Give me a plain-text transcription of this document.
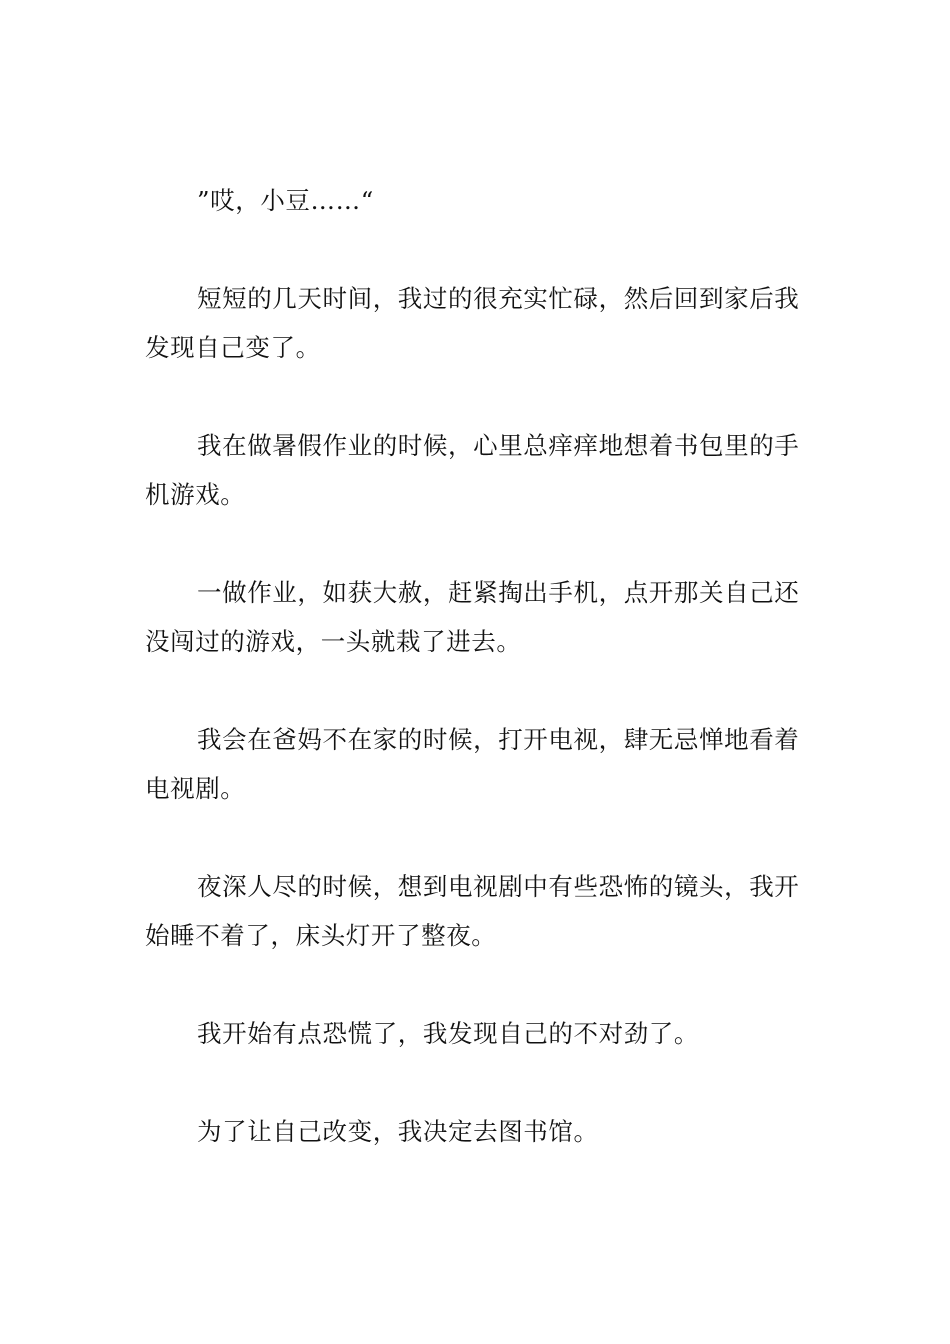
”哎，小豆……“

短短的几天时间，我过的很充实忙碌，然后回到家后我发现自己变了。

我在做暑假作业的时候，心里总痒痒地想着书包里的手机游戏。

一做作业，如获大赦，赶紧掏出手机，点开那关自己还没闯过的游戏，一头就栽了进去。

我会在爸妈不在家的时候，打开电视，肆无忌惮地看着电视剧。

夜深人尽的时候，想到电视剧中有些恐怖的镜头，我开始睡不着了，床头灯开了整夜。

我开始有点恐慌了，我发现自己的不对劲了。

为了让自己改变，我决定去图书馆。
